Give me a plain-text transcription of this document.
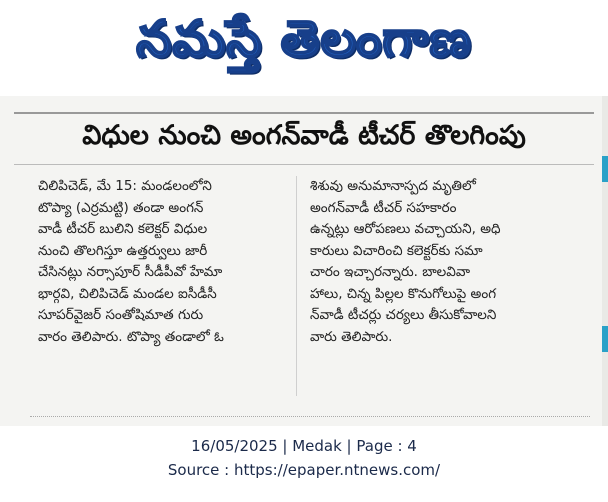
నమస్తే తెలంగాణ
విధుల నుంచి అంగన్‌వాడీ టీచర్ తొలగింపు
చిలిపిచెడ్, మే 15: మండలంలోని
టొప్యా (ఎర్రమట్టి) తండా అంగన్
వాడీ టీచర్ బులిని కలెక్టర్ విధుల
నుంచి తొలగిస్తూ ఉత్తర్వులు జారీ
చేసినట్లు నర్సాపూర్ సీడీపీవో హేమా
భార్గవి, చిలిపిచెడ్ మండల ఐసీడీసీ
సూపర్‌వైజర్ సంతోషిమాత గురు
వారం తెలిపారు. టొప్యా తండాలో ఓ
శిశువు అనుమానాస్పద మృతిలో
అంగన్‌వాడీ టీచర్ సహకారం
ఉన్నట్లు ఆరోపణలు వచ్చాయని, అధి
కారులు విచారించి కలెక్టర్‌కు సమా
చారం ఇచ్చారన్నారు. బాలవివా
హాలు, చిన్న పిల్లల కొనుగోలుపై అంగ
న్‌వాడీ టీచర్లు చర్యలు తీసుకోవాలని
వారు తెలిపారు.
16/05/2025 | Medak | Page : 4
Source : https://epaper.ntnews.com/
